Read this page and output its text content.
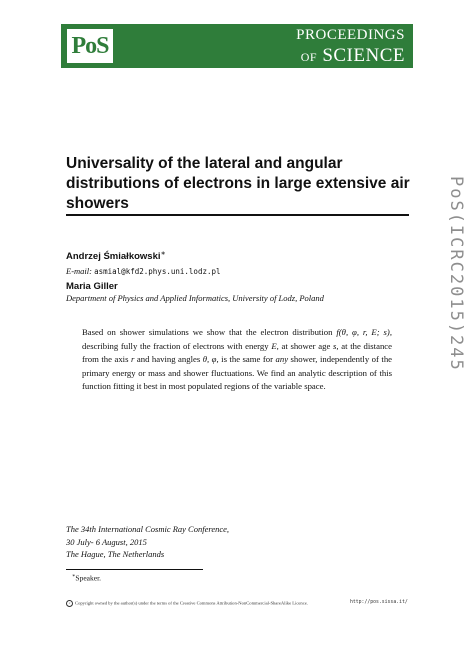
PoS	PROCEEDINGS
OF SCIENCE
PoS(ICRC2015)245
Universality of the lateral and angular distributions of electrons in large extensive air showers
Andrzej Śmiałkowski∗
E-mail: asmial@kfd2.phys.uni.lodz.pl
Maria Giller
Department of Physics and Applied Informatics, University of Lodz, Poland

Based on shower simulations we show that the electron distribution f(θ, φ, r, E; s), describing fully the fraction of electrons with energy E, at shower age s, at the distance from the axis r and having angles θ, φ, is the same for any shower, independently of the primary energy or mass and shower fluctuations. We find an analytic description of this function fitting it best in most populated regions of the variable space.

The 34th International Cosmic Ray Conference,
30 July- 6 August, 2015
The Hague, The Netherlands
∗Speaker.
c Copyright owned by the author(s) under the terms of the Creative Commons Attribution-NonCommercial-ShareAlike Licence.	http://pos.sissa.it/
